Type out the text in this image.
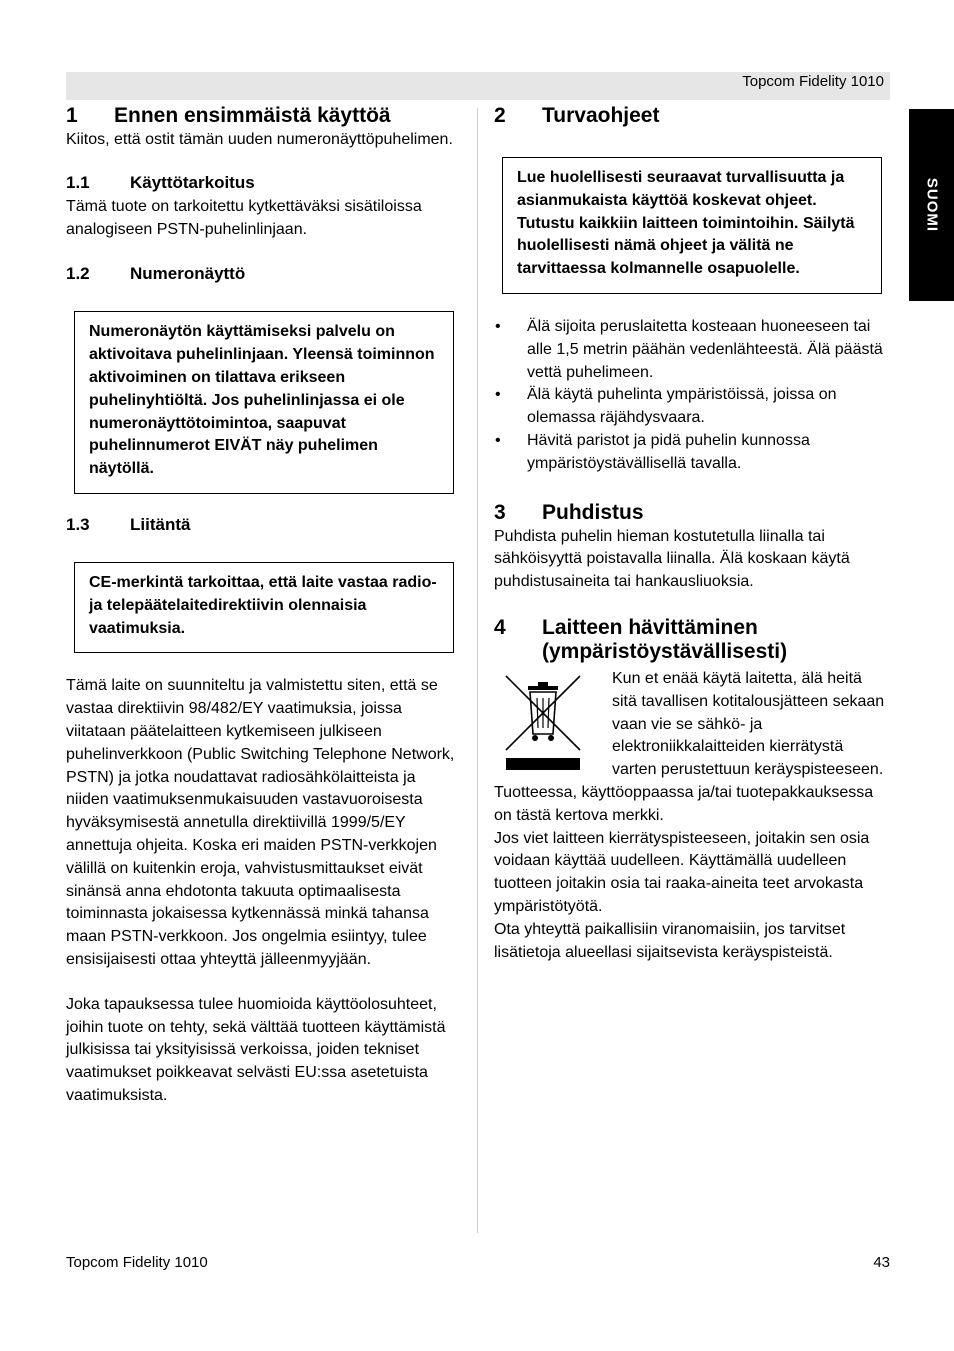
Topcom Fidelity 1010
SUOMI
1	Ennen ensimmäistä käyttöä

Kiitos, että ostit tämän uuden numeronäyttöpuhelimen.

1.1	Käyttötarkoitus

Tämä tuote on tarkoitettu kytkettäväksi sisätiloissa analogiseen PSTN-puhelinlinjaan.

1.2	Numeronäyttö
Numeronäytön käyttämiseksi palvelu on aktivoitava puhelinlinjaan. Yleensä toiminnon aktivoiminen on tilattava erikseen puhelinyhtiöltä. Jos puhelinlinjassa ei ole numeronäyttötoimintoa, saapuvat puhelinnumerot EIVÄT näy puhelimen näytöllä.
1.3	Liitäntä
CE-merkintä tarkoittaa, että laite vastaa radio- ja telepäätelaitedirektiivin olennaisia vaatimuksia.

Tämä laite on suunniteltu ja valmistettu siten, että se vastaa direktiivin 98/482/EY vaatimuksia, joissa viitataan päätelaitteen kytkemiseen julkiseen puhelinverkkoon (Public Switching Telephone Network, PSTN) ja jotka noudattavat radiosähkölaitteista ja niiden vaatimuksenmukaisuuden vastavuoroisesta hyväksymisestä annetulla direktiivillä 1999/5/EY annettuja ohjeita. Koska eri maiden PSTN-verkkojen välillä on kuitenkin eroja, vahvistusmittaukset eivät sinänsä anna ehdotonta takuuta optimaalisesta toiminnasta jokaisessa kytkennässä minkä tahansa maan PSTN-verkkoon. Jos ongelmia esiintyy, tulee ensisijaisesti ottaa yhteyttä jälleenmyyjään.

Joka tapauksessa tulee huomioida käyttöolosuhteet, joihin tuote on tehty, sekä välttää tuotteen käyttämistä julkisissa tai yksityisissä verkoissa, joiden tekniset vaatimukset poikkeavat selvästi EU:ssa asetetuista vaatimuksista.

2	Turvaohjeet
Lue huolellisesti seuraavat turvallisuutta ja asianmukaista käyttöä koskevat ohjeet. Tutustu kaikkiin laitteen toimintoihin. Säilytä huolellisesti nämä ohjeet ja välitä ne tarvittaessa kolmannelle osapuolelle.
• Älä sijoita peruslaitetta kosteaan huoneeseen tai alle 1,5 metrin päähän vedenlähteestä. Älä päästä vettä puhelimeen.
• Älä käytä puhelinta ympäristöissä, joissa on olemassa räjähdysvaara.
• Hävitä paristot ja pidä puhelin kunnossa ympäristöystävällisellä tavalla.
3	Puhdistus

Puhdista puhelin hieman kostutetulla liinalla tai sähköisyyttä poistavalla liinalla. Älä koskaan käytä puhdistusaineita tai hankausliuoksia.

4	Laitteen hävittäminen
(ympäristöystävällisesti)

Kun et enää käytä laitetta, älä heitä sitä tavallisen kotitalousjätteen sekaan vaan vie se sähkö- ja elektroniikkalaitteiden kierrätystä varten perustettuun keräyspisteeseen. Tuotteessa, käyttöoppaassa ja/tai tuotepakkauksessa on tästä kertova merkki.

Jos viet laitteen kierrätyspisteeseen, joitakin sen osia voidaan käyttää uudelleen. Käyttämällä uudelleen tuotteen joitakin osia tai raaka-aineita teet arvokasta ympäristötyötä.

Ota yhteyttä paikallisiin viranomaisiin, jos tarvitset lisätietoja alueellasi sijaitsevista keräyspisteistä.

Topcom Fidelity 1010	43
